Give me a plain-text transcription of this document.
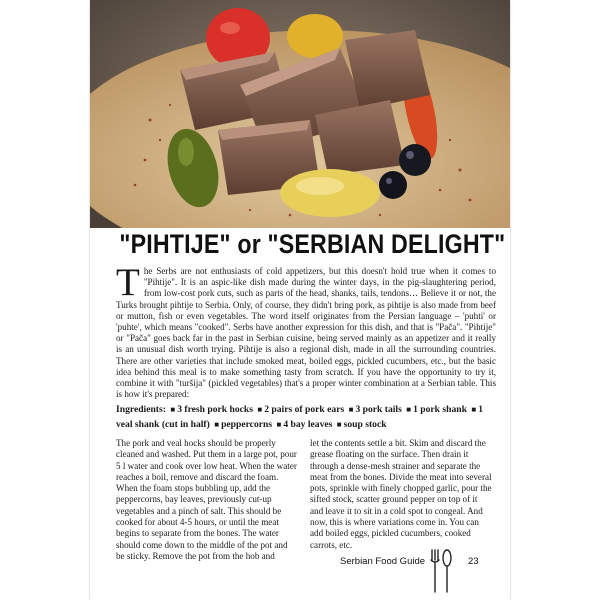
"PIHTIJE" or "SERBIAN DELIGHT"
The Serbs are not enthusiasts of cold appetizers, but this doesn't hold true when it comes to "Pihtije". It is an aspic-like dish made during the winter days, in the pig-slaughtering period, from low-cost pork cuts, such as parts of the head, shanks, tails, tendons… Believe it or not, the Turks brought pihtije to Serbia. Only, of course, they didn't bring pork, as pihtije is also made from beef or mutton, fish or even vegetables. The word itself originates from the Persian language – 'puhti' or 'puhte', which means "cooked". Serbs have another expression for this dish, and that is "Pača". "Pihtije" or "Pača" goes back far in the past in Serbian cuisine, being served mainly as an appetizer and it really is an unusual dish worth trying. Pihtije is also a regional dish, made in all the surrounding countries. There are other varieties that include smoked meat, boiled eggs, pickled cucumbers, etc., but the basic idea behind this meal is to make something tasty from scratch. If you have the opportunity to try it, combine it with "turšija" (pickled vegetables) that's a proper winter combination at a Serbian table. This is how it's prepared:
Ingredients: ■ 3 fresh pork hocks ■ 2 pairs of pork ears ■ 3 pork tails ■ 1 pork shank ■ 1 veal shank (cut in half) ■ peppercorns ■ 4 bay leaves ■ soup stock
The pork and veal hocks should be properly cleaned and washed. Put them in a large pot, pour 5 l water and cook over low heat. When the water reaches a boil, remove and discard the foam. When the foam stops bubbling up, add the peppercorns, bay leaves, previously cut-up vegetables and a pinch of salt. This should be cooked for about 4-5 hours, or until the meat begins to separate from the bones. The water should come down to the middle of the pot and be sticky. Remove the pot from the hob and
let the contents settle a bit. Skim and discard the grease floating on the surface. Then drain it through a dense-mesh strainer and separate the meat from the bones. Divide the meat into several pots, sprinkle with finely chopped garlic, pour the sifted stock, scatter ground pepper on top of it and leave it to sit in a cold spot to congeal. And now, this is where variations come in. You can add boiled eggs, pickled cucumbers, cooked carrots, etc.
Serbian Food Guide	23
